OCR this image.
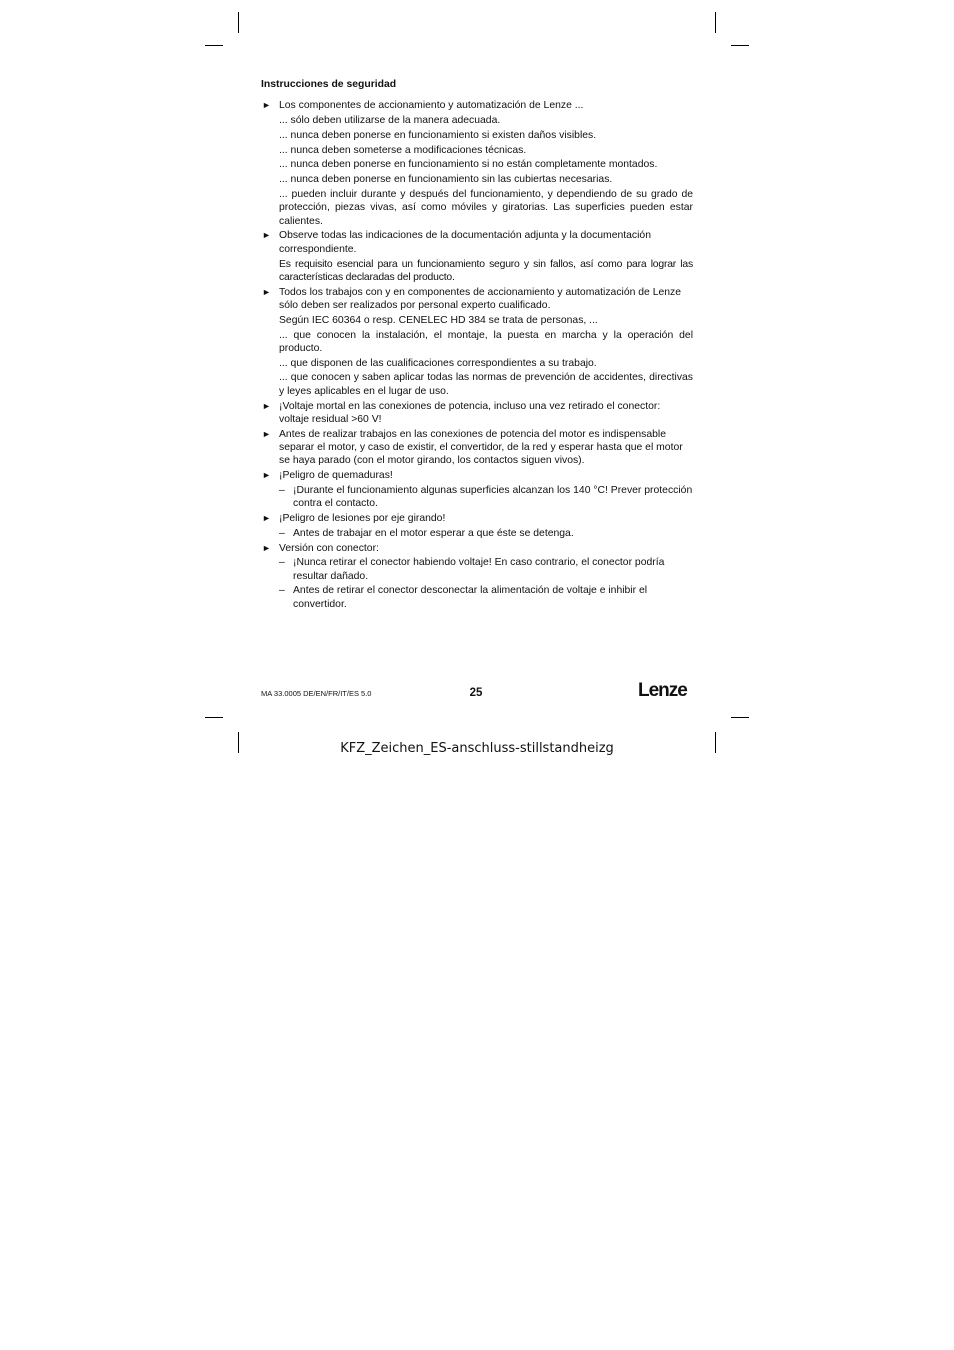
Instrucciones de seguridad
► Los componentes de accionamiento y automatización de Lenze ...
... sólo deben utilizarse de la manera adecuada.
... nunca deben ponerse en funcionamiento si existen daños visibles.
... nunca deben someterse a modificaciones técnicas.
... nunca deben ponerse en funcionamiento si no están completamente montados.
... nunca deben ponerse en funcionamiento sin las cubiertas necesarias.
... pueden incluir durante y después del funcionamiento, y dependiendo de su grado de protección, piezas vivas, así como móviles y giratorias. Las superficies pueden estar calientes.
► Observe todas las indicaciones de la documentación adjunta y la documentación correspondiente.
Es requisito esencial para un funcionamiento seguro y sin fallos, así como para lograr las características declaradas del producto.
► Todos los trabajos con y en componentes de accionamiento y automatización de Lenze sólo deben ser realizados por personal experto cualificado.
Según IEC 60364 o resp. CENELEC HD 384 se trata de personas, ...
... que conocen la instalación, el montaje, la puesta en marcha y la operación del producto.
... que disponen de las cualificaciones correspondientes a su trabajo.
... que conocen y saben aplicar todas las normas de prevención de accidentes, directivas y leyes aplicables en el lugar de uso.
► ¡Voltaje mortal en las conexiones de potencia, incluso una vez retirado el conector: voltaje residual >60 V!
► Antes de realizar trabajos en las conexiones de potencia del motor es indispensable separar el motor, y caso de existir, el convertidor, de la red y esperar hasta que el motor se haya parado (con el motor girando, los contactos siguen vivos).
► ¡Peligro de quemaduras!
– ¡Durante el funcionamiento algunas superficies alcanzan los 140 °C! Prever protección contra el contacto.
► ¡Peligro de lesiones por eje girando!
– Antes de trabajar en el motor esperar a que éste se detenga.
► Versión con conector:
– ¡Nunca retirar el conector habiendo voltaje! En caso contrario, el conector podría resultar dañado.
– Antes de retirar el conector desconectar la alimentación de voltaje e inhibir el convertidor.
MA 33.0005 DE/EN/FR/IT/ES 5.0	25	Lenze
KFZ_Zeichen_ES-anschluss-stillstandheizg
